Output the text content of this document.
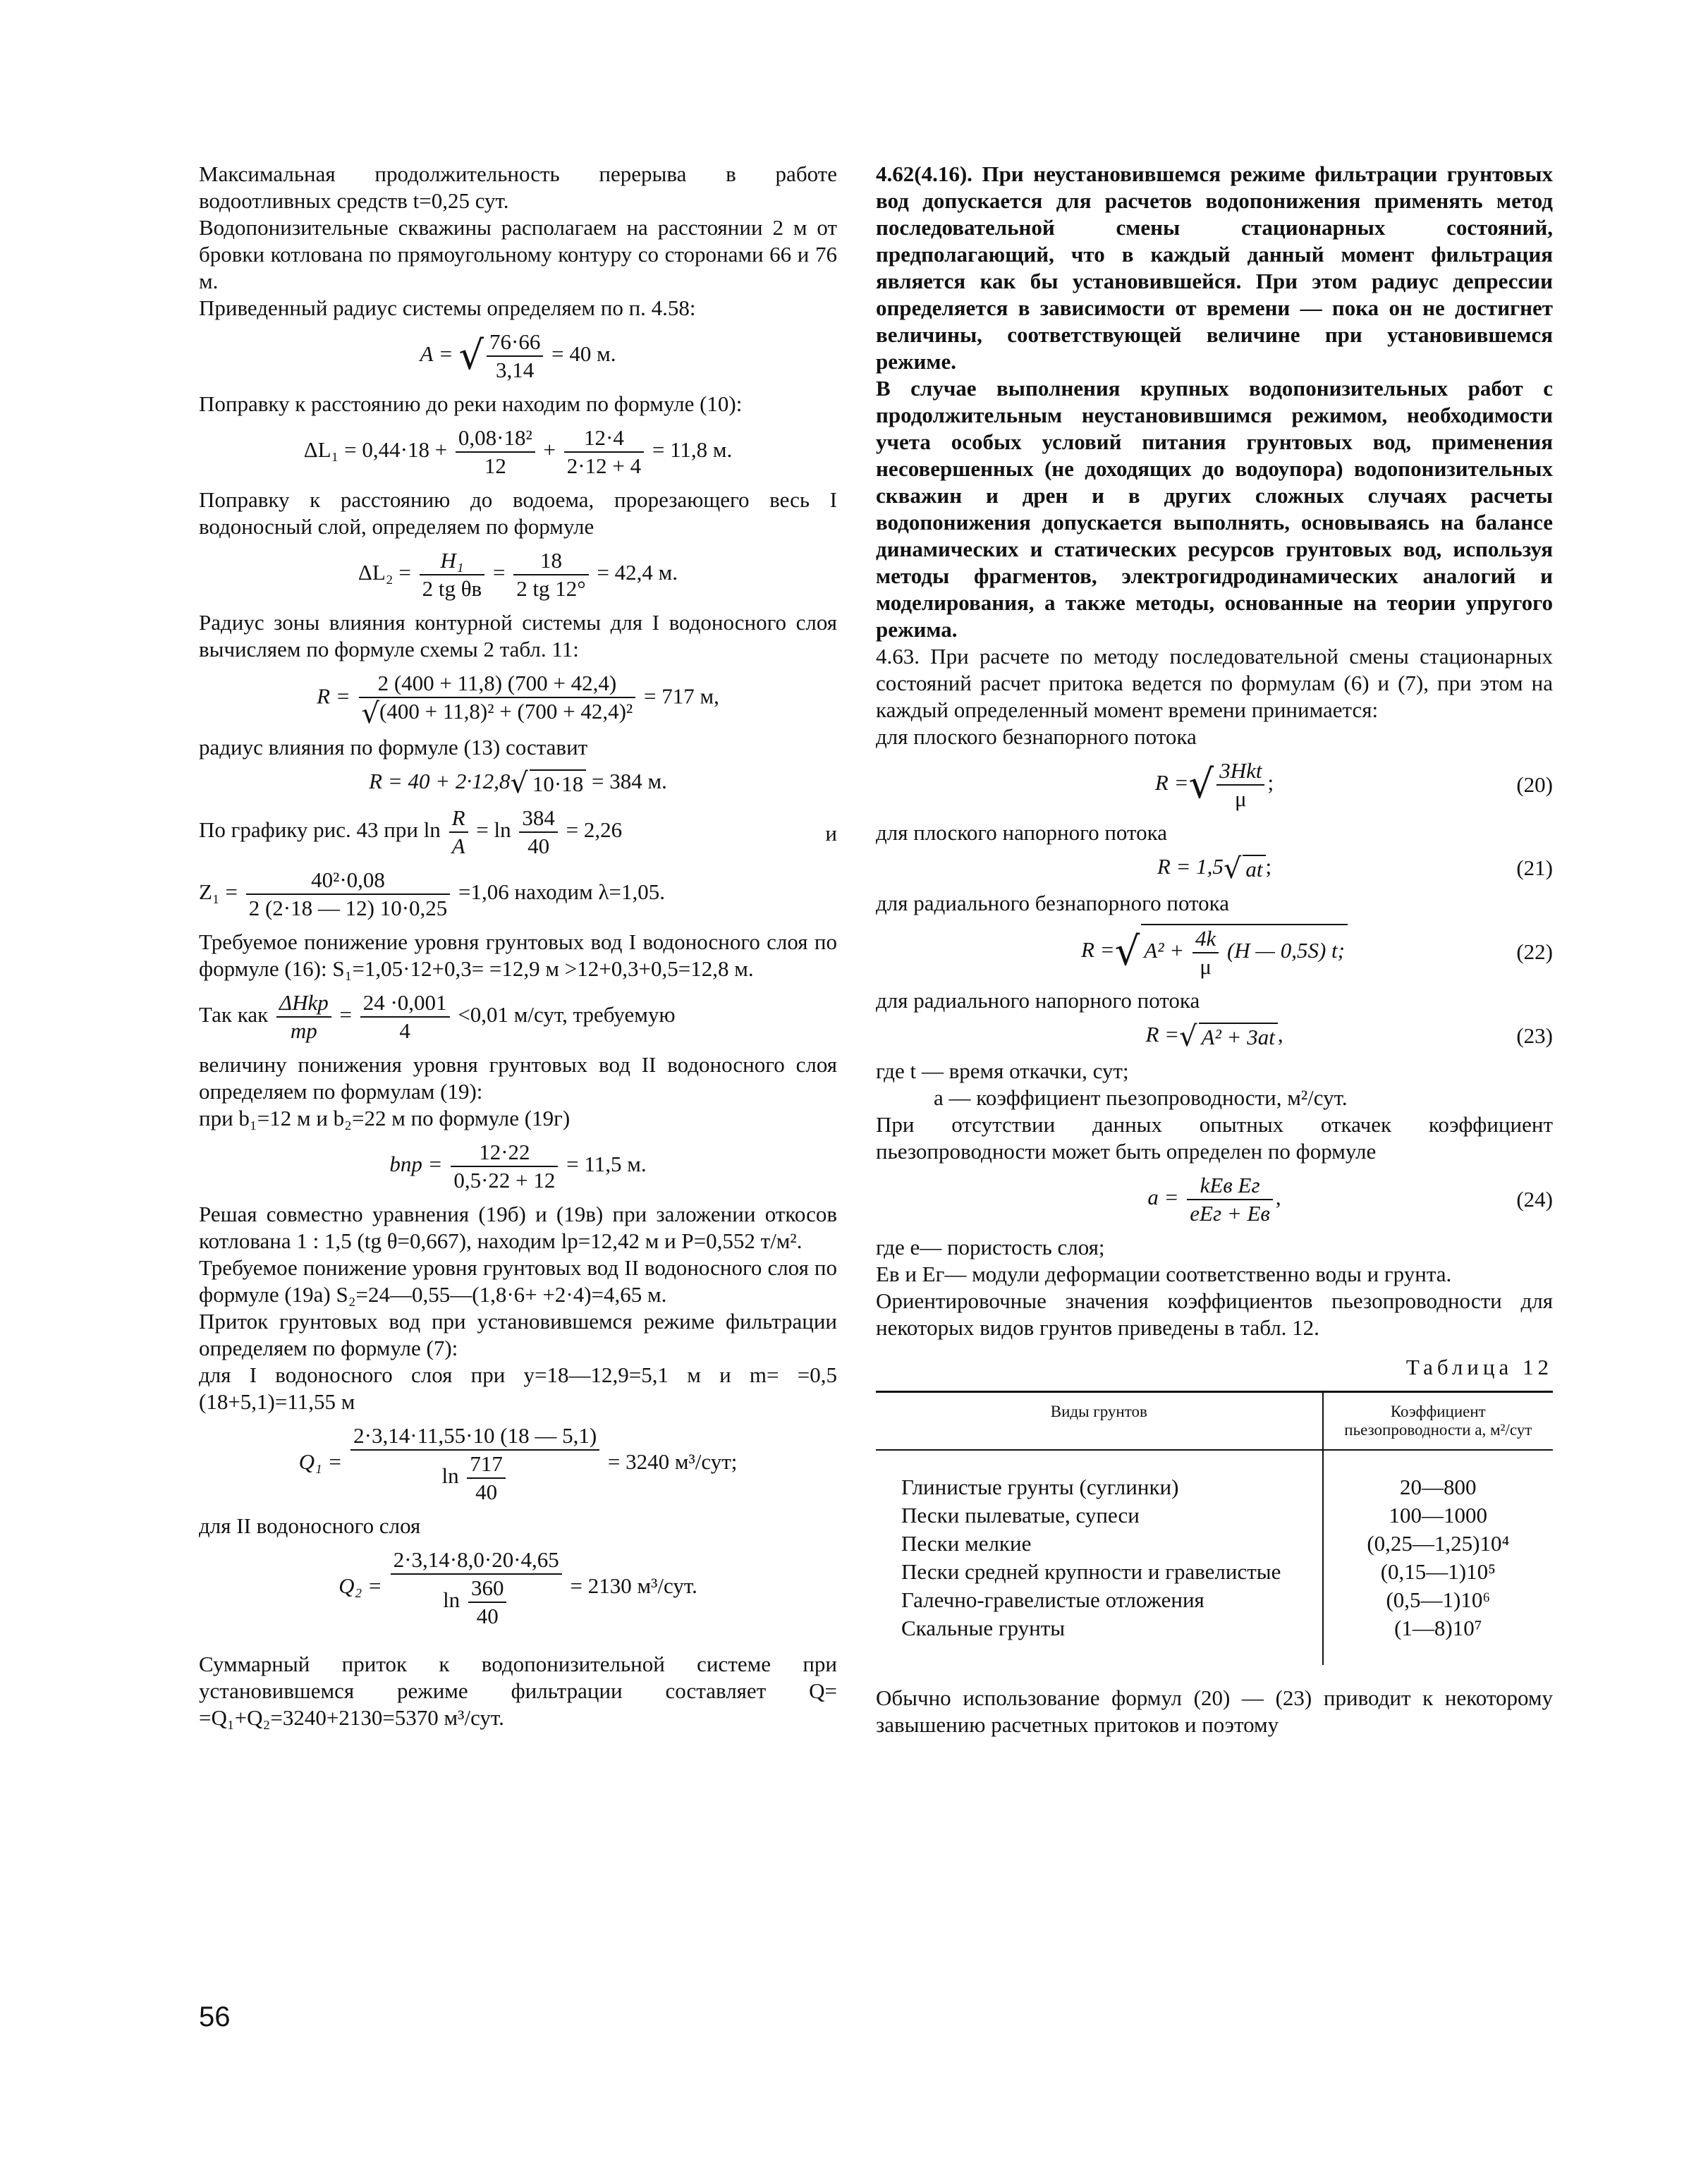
Максимальная продолжительность перерыва в работе водоотливных средств t=0,25 сут.

Водопонизительные скважины располагаем на расстоянии 2 м от бровки котлована по прямоугольному контуру со сторонами 66 и 76 м.

Приведенный радиус системы определяем по п. 4.58:

A = √ $\frac{76\cdot 66}{3,14} = 40$ м.

Поправку к расстоянию до реки находим по формуле (10):

$\Delta L_1 = 0,44\cdot 18 + \frac{\text{0,08·18²}}{12} + \frac{12\cdot 4}{2\cdot 12 + 4} = 11,8$ м.

Поправку к расстоянию до водоема, прорезающего весь I водоносный слой, определяем по формуле

$\Delta L_2 = \frac{\text{H₁}}{\text{2 tg θв}} = \frac{18}{2 tg 12^\circ} = 42,4$ м.

Радиус зоны влияния контурной системы для I водоносного слоя вычисляем по формуле схемы 2 табл. 11:

$R = \frac{2 (400 + 11,8) (700 + 42,4)}{\text{√(400 + 11,8)² + (700 + 42,4)²}} = 717$ м,

радиус влияния по формуле (13) составит

R = 40 + 2·12,8√ 10·18 = 384 м.
По графику рис. 43 при $\ln \frac{R}{A} = \ln \frac{384}{40} = 2,26$	и
$Z_1 = \frac{\text{40²·0,08}}{2 (2\cdot 18 — 12) 10\cdot 0,25} =1,06$ находим λ=1,05.

Требуемое понижение уровня грунтовых вод I водоносного слоя по формуле (16): S₁=1,05·12+0,3= =12,9 м >12+0,3+0,5=12,8 м.

Так как $\frac{\text{ΔHkр}}{mр} = \frac{24 \cdot 0,001}{4} <0,01$ м/сут, требуемую

величину понижения уровня грунтовых вод II водоносного слоя определяем по формулам (19):

при b₁=12 м и b₂=22 м по формуле (19г)

bпр = $\frac{12\cdot 22}{0,5\cdot 22 + 12} = 11,5$ м.

Решая совместно уравнения (19б) и (19в) при заложении откосов котлована 1 : 1,5 (tg θ=0,667), находим lр=12,42 м и P=0,552 т/м².

Требуемое понижение уровня грунтовых вод II водоносного слоя по формуле (19а) S₂=24—0,55—(1,8·6+ +2·4)=4,65 м.

Приток грунтовых вод при установившемся режиме фильтрации определяем по формуле (7):

для I водоносного слоя при y=18—12,9=5,1 м и m= =0,5 (18+5,1)=11,55 м

$Q_1 = \frac{2\cdot 3,14\cdot 11,55\cdot 10 (18 — 5,1)}{\ln \frac{717}{40}} = 3240$ м³/сут;

для II водоносного слоя

$Q_2 = \frac{2\cdot 3,14\cdot 8,0\cdot 20\cdot 4,65}{\ln \frac{360}{40}} = 2130$ м³/сут.

Суммарный приток к водопонизительной системе при установившемся режиме фильтрации составляет Q= =Q₁+Q₂=3240+2130=5370 м³/сут.

4.62(4.16). При неустановившемся режиме фильтрации грунтовых вод допускается для расчетов водопонижения применять метод последовательной смены стационарных состояний, предполагающий, что в каждый данный момент фильтрация является как бы установившейся. При этом радиус депрессии определяется в зависимости от времени — пока он не достигнет величины, соответствующей величине при установившемся режиме.

В случае выполнения крупных водопонизительных работ с продолжительным неустановившимся режимом, необходимости учета особых условий питания грунтовых вод, применения несовершенных (не доходящих до водоупора) водопонизительных скважин и дрен и в других сложных случаях расчеты водопонижения допускается выполнять, основываясь на балансе динамических и статических ресурсов грунтовых вод, используя методы фрагментов, электрогидродинамических аналогий и моделирования, а также методы, основанные на теории упругого режима.

4.63. При расчете по методу последовательной смены стационарных состояний расчет притока ведется по формулам (6) и (7), при этом на каждый определенный момент времени принимается:

для плоского безнапорного потока

R =√ $\frac{\text{3Hkt}}{\mu}$ ;	(20)

для плоского напорного потока

R = 1,5√ at ;	(21)

для радиального безнапорного потока

R =√ $A^2 + \frac{4k}{\mu} (H$ — 0,5S) t;	(22)

для радиального напорного потока

R =√ A² + 3at ,	(23)

где t — время откачки, сут;

a — коэффициент пьезопроводности, м²/сут.

При отсутствии данных опытных откачек коэффициент пьезопроводности может быть определен по формуле

$a = \frac{\text{kEв Eг}}{\text{eEг + Eв}}$ ,	(24)

где e— пористость слоя;

Eв и Eг— модули деформации соответственно воды и грунта.

Ориентировочные значения коэффициентов пьезопроводности для некоторых видов грунтов приведены в табл. 12.

Таблица 12
Виды грунтов	Коэффициент пьезопроводности a, м²/сут

Глинистые грунты (суглинки)	20—800
Пески пылеватые, супеси	100—1000
Пески мелкие	(0,25—1,25)10⁴
Пески средней крупности и гравелистые	(0,15—1)10⁵
Галечно-гравелистые отложения	(0,5—1)10⁶
Скальные грунты	(1—8)10⁷

Обычно использование формул (20) — (23) приводит к некоторому завышению расчетных притоков и поэтому

56
